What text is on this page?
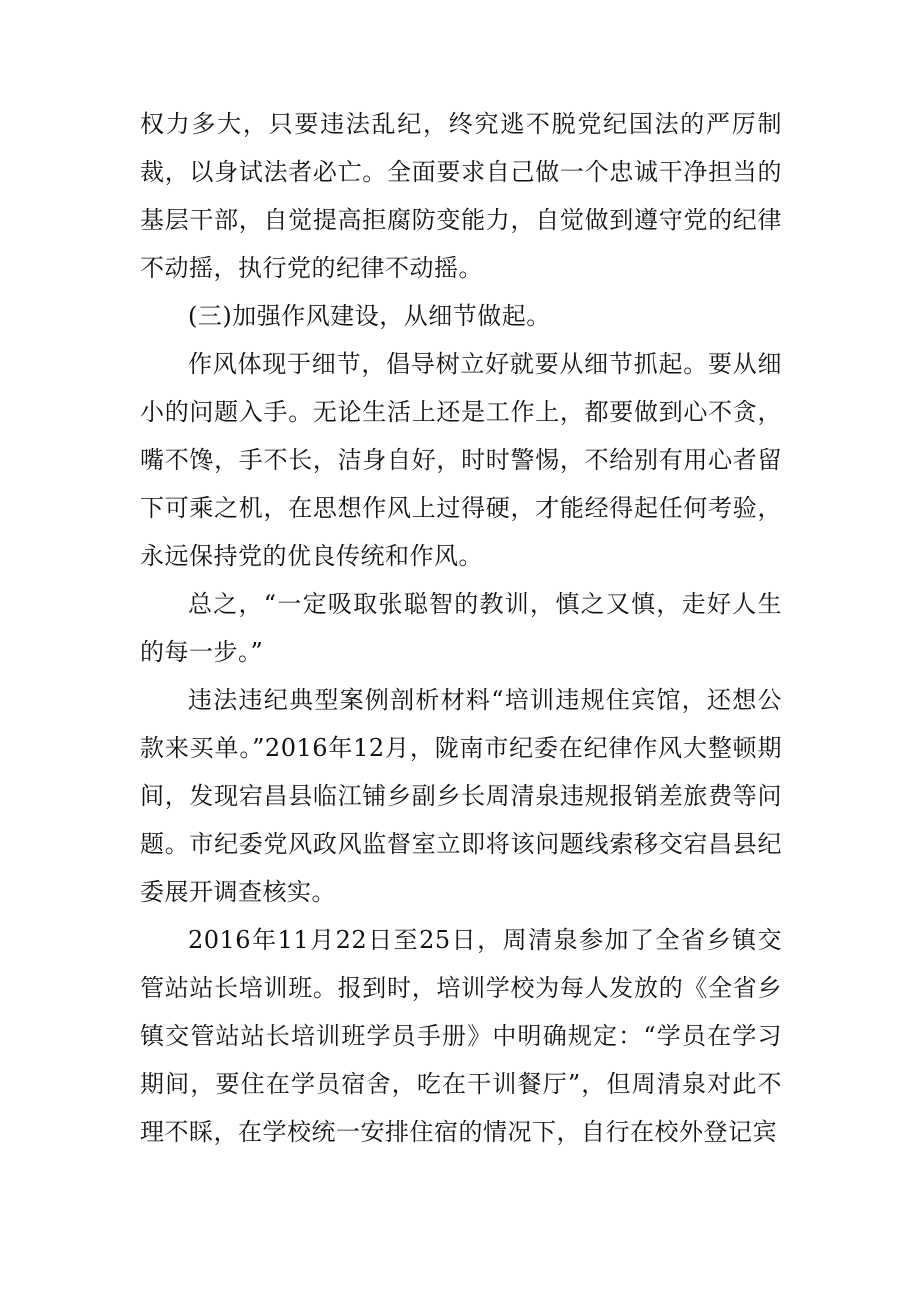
权力多大，只要违法乱纪，终究逃不脱党纪国法的严厉制裁，以身试法者必亡。全面要求自己做一个忠诚干净担当的基层干部，自觉提高拒腐防变能力，自觉做到遵守党的纪律不动摇，执行党的纪律不动摇。

(三)加强作风建设，从细节做起。

作风体现于细节，倡导树立好就要从细节抓起。要从细小的问题入手。无论生活上还是工作上，都要做到心不贪，嘴不馋，手不长，洁身自好，时时警惕，不给别有用心者留下可乘之机，在思想作风上过得硬，才能经得起任何考验，永远保持党的优良传统和作风。

总之，“一定吸取张聪智的教训，慎之又慎，走好人生的每一步。”

违法违纪典型案例剖析材料“培训违规住宾馆，还想公款来买单。”2016年12月，陇南市纪委在纪律作风大整顿期间，发现宕昌县临江铺乡副乡长周清泉违规报销差旅费等问题。市纪委党风政风监督室立即将该问题线索移交宕昌县纪委展开调查核实。

2016年11月22日至25日，周清泉参加了全省乡镇交管站站长培训班。报到时，培训学校为每人发放的《全省乡镇交管站站长培训班学员手册》中明确规定：“学员在学习期间，要住在学员宿舍，吃在干训餐厅”，但周清泉对此不理不睬，在学校统一安排住宿的情况下，自行在校外登记宾
